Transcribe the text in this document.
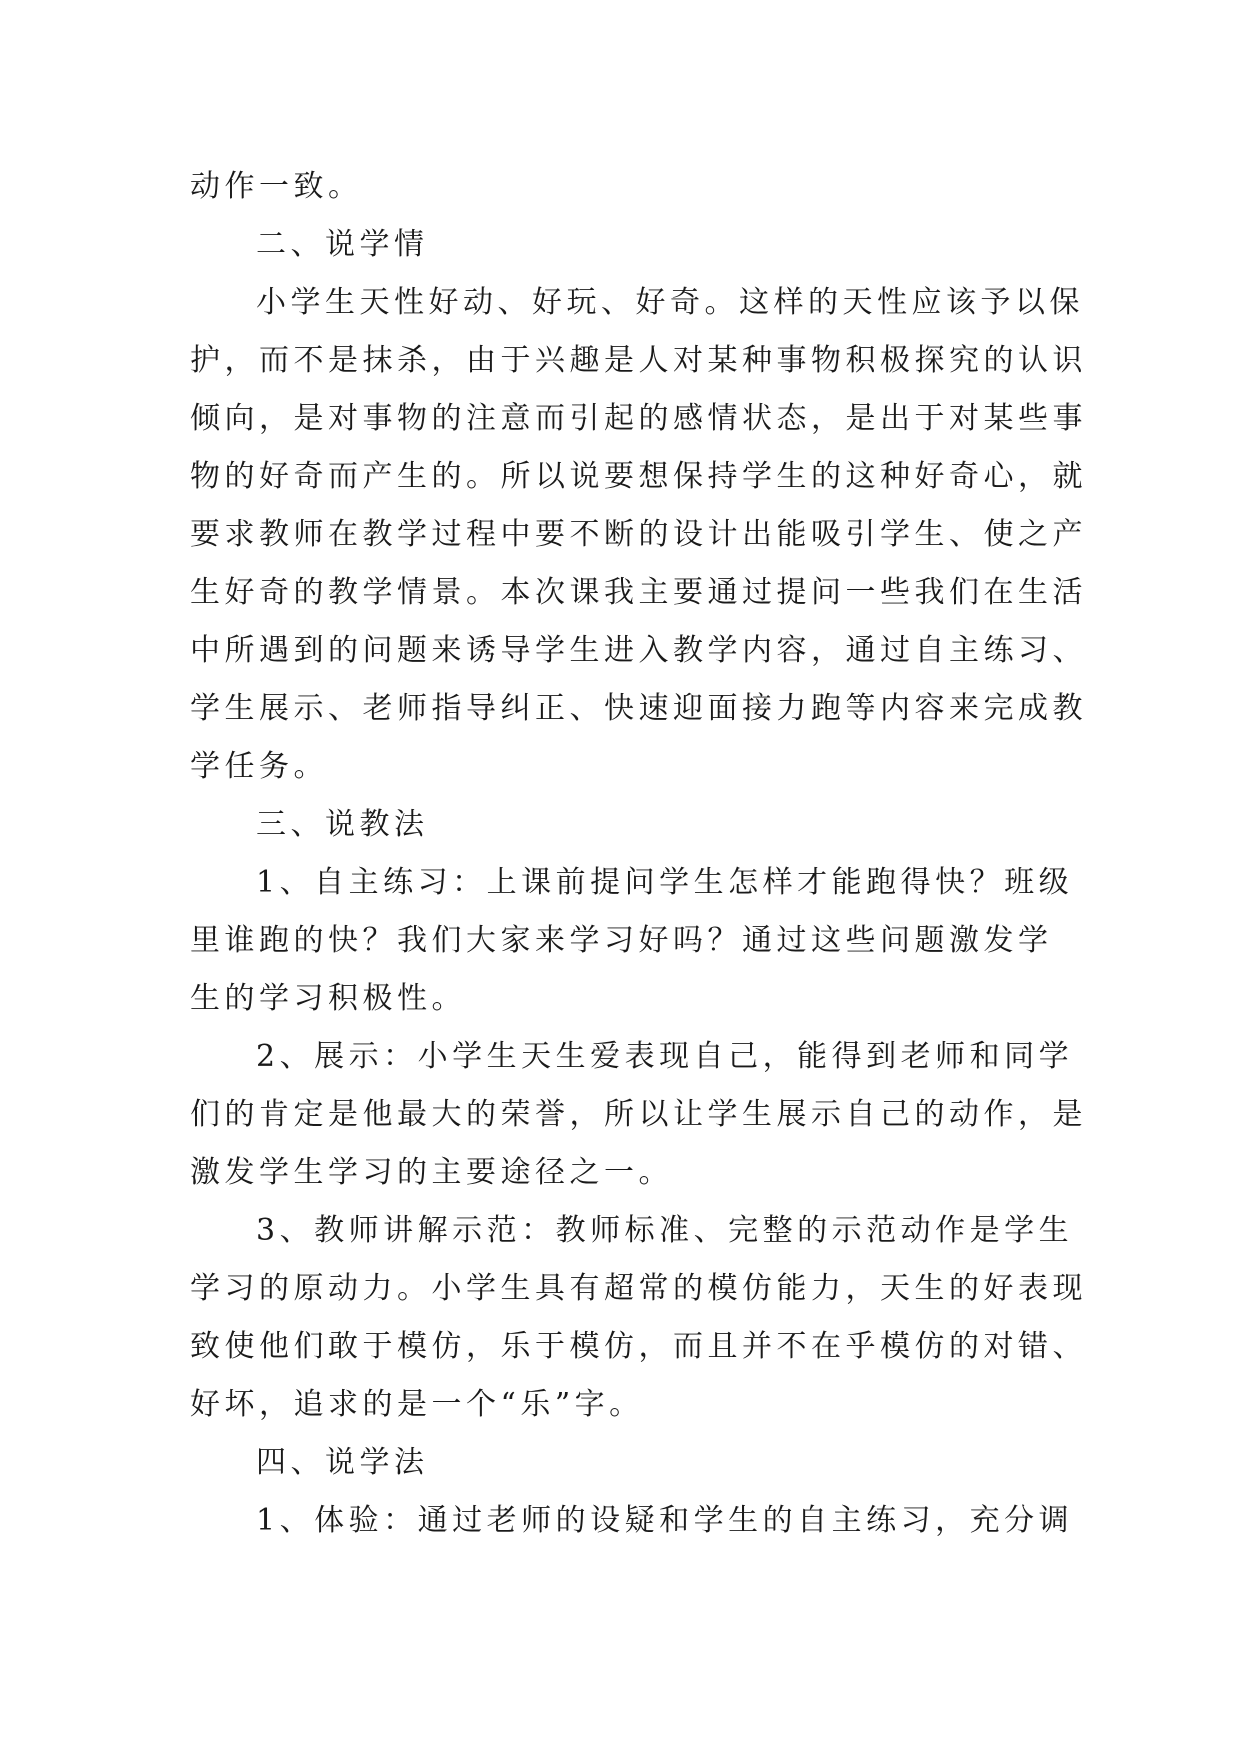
动作一致。

二、说学情

小学生天性好动、好玩、好奇。这样的天性应该予以保

护，而不是抹杀，由于兴趣是人对某种事物积极探究的认识

倾向，是对事物的注意而引起的感情状态，是出于对某些事

物的好奇而产生的。所以说要想保持学生的这种好奇心，就

要求教师在教学过程中要不断的设计出能吸引学生、使之产

生好奇的教学情景。本次课我主要通过提问一些我们在生活

中所遇到的问题来诱导学生进入教学内容，通过自主练习、

学生展示、老师指导纠正、快速迎面接力跑等内容来完成教

学任务。

三、说教法

1、自主练习：上课前提问学生怎样才能跑得快？班级

里谁跑的快？我们大家来学习好吗？通过这些问题激发学

生的学习积极性。

2、展示：小学生天生爱表现自己，能得到老师和同学

们的肯定是他最大的荣誉，所以让学生展示自己的动作，是

激发学生学习的主要途径之一。

3、教师讲解示范：教师标准、完整的示范动作是学生

学习的原动力。小学生具有超常的模仿能力，天生的好表现

致使他们敢于模仿，乐于模仿，而且并不在乎模仿的对错、

好坏，追求的是一个“乐”字。

四、说学法

1、体验：通过老师的设疑和学生的自主练习，充分调
